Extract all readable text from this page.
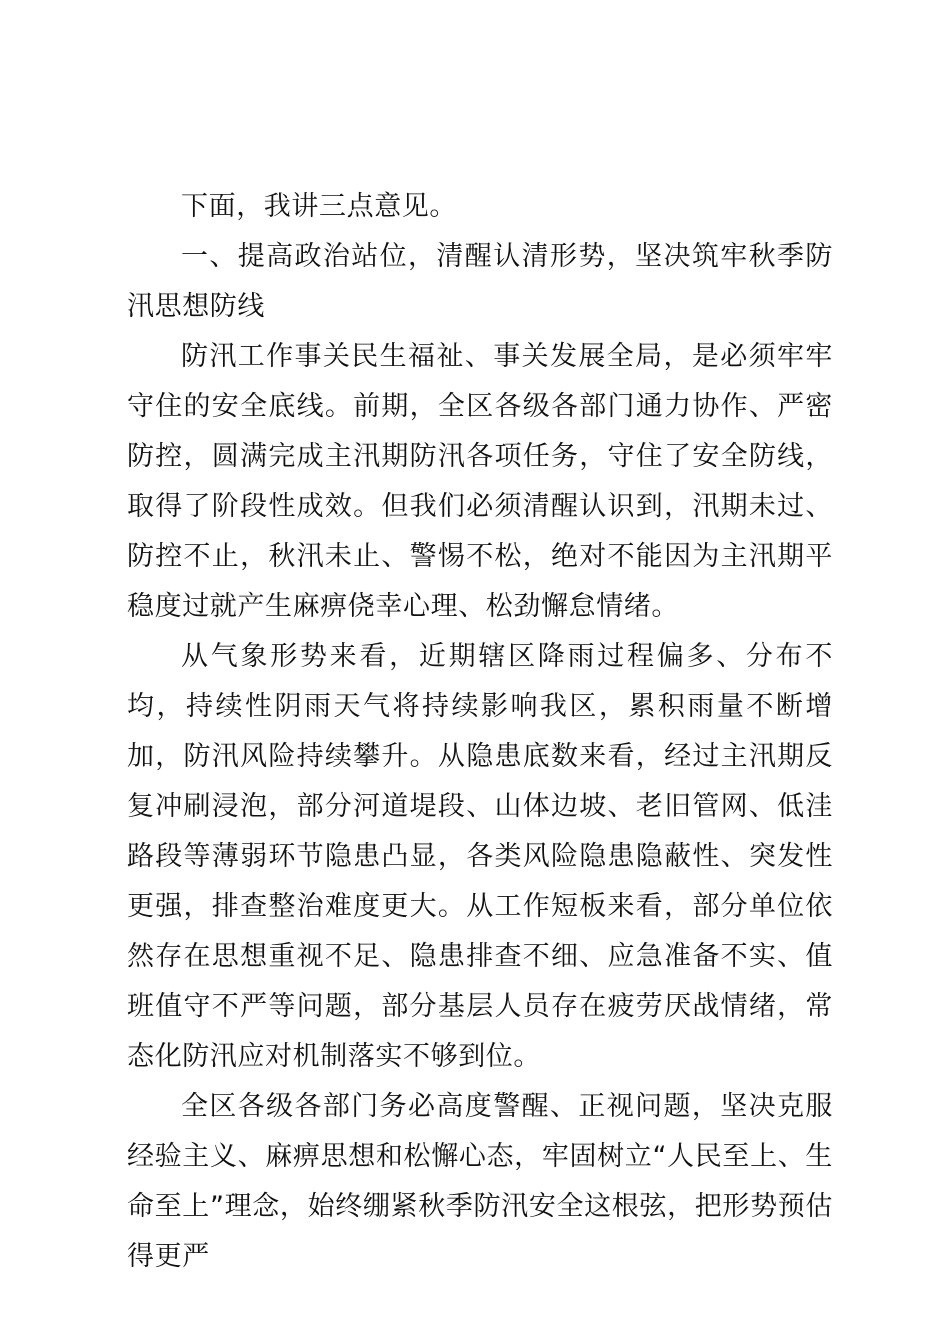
下面，我讲三点意见。

一、提高政治站位，清醒认清形势，坚决筑牢秋季防汛思想防线

防汛工作事关民生福祉、事关发展全局，是必须牢牢守住的安全底线。前期，全区各级各部门通力协作、严密防控，圆满完成主汛期防汛各项任务，守住了安全防线，取得了阶段性成效。但我们必须清醒认识到，汛期未过、防控不止，秋汛未止、警惕不松，绝对不能因为主汛期平稳度过就产生麻痹侥幸心理、松劲懈怠情绪。

从气象形势来看，近期辖区降雨过程偏多、分布不均，持续性阴雨天气将持续影响我区，累积雨量不断增加，防汛风险持续攀升。从隐患底数来看，经过主汛期反复冲刷浸泡，部分河道堤段、山体边坡、老旧管网、低洼路段等薄弱环节隐患凸显，各类风险隐患隐蔽性、突发性更强，排查整治难度更大。从工作短板来看，部分单位依然存在思想重视不足、隐患排查不细、应急准备不实、值班值守不严等问题，部分基层人员存在疲劳厌战情绪，常态化防汛应对机制落实不够到位。

全区各级各部门务必高度警醒、正视问题，坚决克服经验主义、麻痹思想和松懈心态，牢固树立“人民至上、生命至上”理念，始终绷紧秋季防汛安全这根弦，把形势预估得更严
